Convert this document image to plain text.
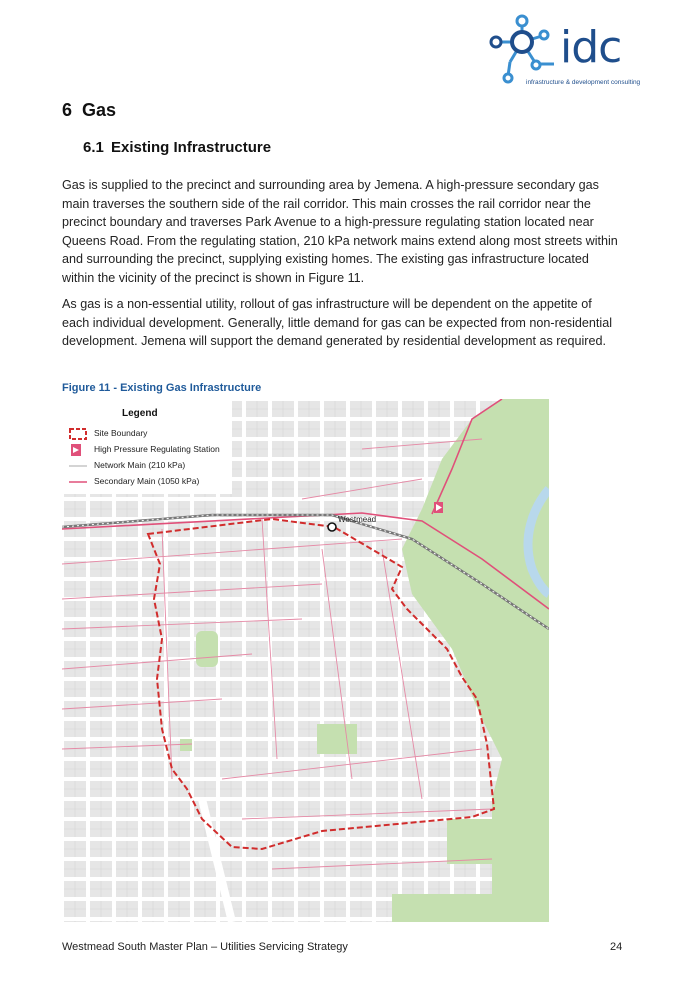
idc
infrastructure & development consulting
6 Gas
6.1 Existing Infrastructure
Gas is supplied to the precinct and surrounding area by Jemena. A high-pressure secondary gas main traverses the southern side of the rail corridor. This main crosses the rail corridor near the precinct boundary and traverses Park Avenue to a high-pressure regulating station located near Queens Road. From the regulating station, 210 kPa network mains extend along most streets within and surrounding the precinct, supplying existing homes. The existing gas infrastructure located within the vicinity of the precinct is shown in Figure 11.
As gas is a non-essential utility, rollout of gas infrastructure will be dependent on the appetite of each individual development. Generally, little demand for gas can be expected from non-residential development. Jemena will support the demand generated by residential development as required.
Figure 11 - Existing Gas Infrastructure
Westmead
Legend
Site Boundary
High Pressure Regulating Station
Network Main (210 kPa)
Secondary Main (1050 kPa)
Westmead South Master Plan – Utilities Servicing Strategy	24
